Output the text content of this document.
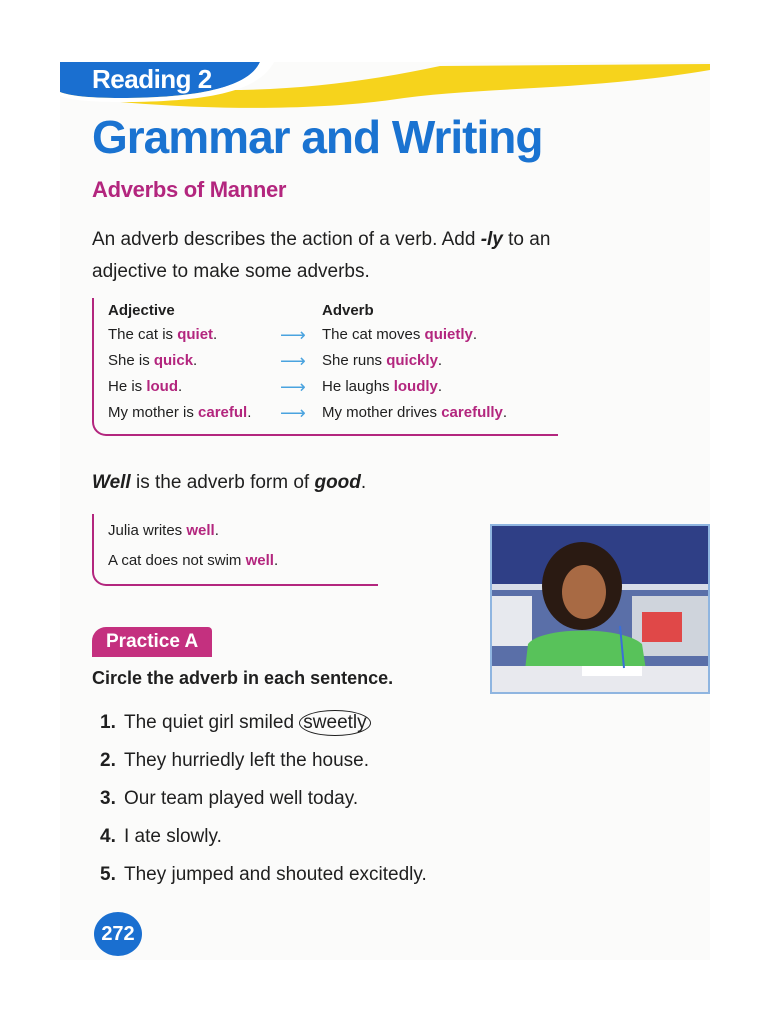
Reading 2
Grammar and Writing
Adverbs of Manner

An adverb describes the action of a verb. Add -ly to an adjective to make some adverbs.

Adjective
The cat is quiet.
She is quick.
He is loud.
My mother is careful.
⟶
⟶
⟶
⟶
Adverb
The cat moves quietly.
She runs quickly.
He laughs loudly.
My mother drives carefully.

Well is the adverb form of good.

Julia writes well.
A cat does not swim well.
Practice A
Circle the adverb in each sentence.
1. The quiet girl smiled sweetly
2. They hurriedly left the house.
3. Our team played well today.
4. I ate slowly.
5. They jumped and shouted excitedly.
272
